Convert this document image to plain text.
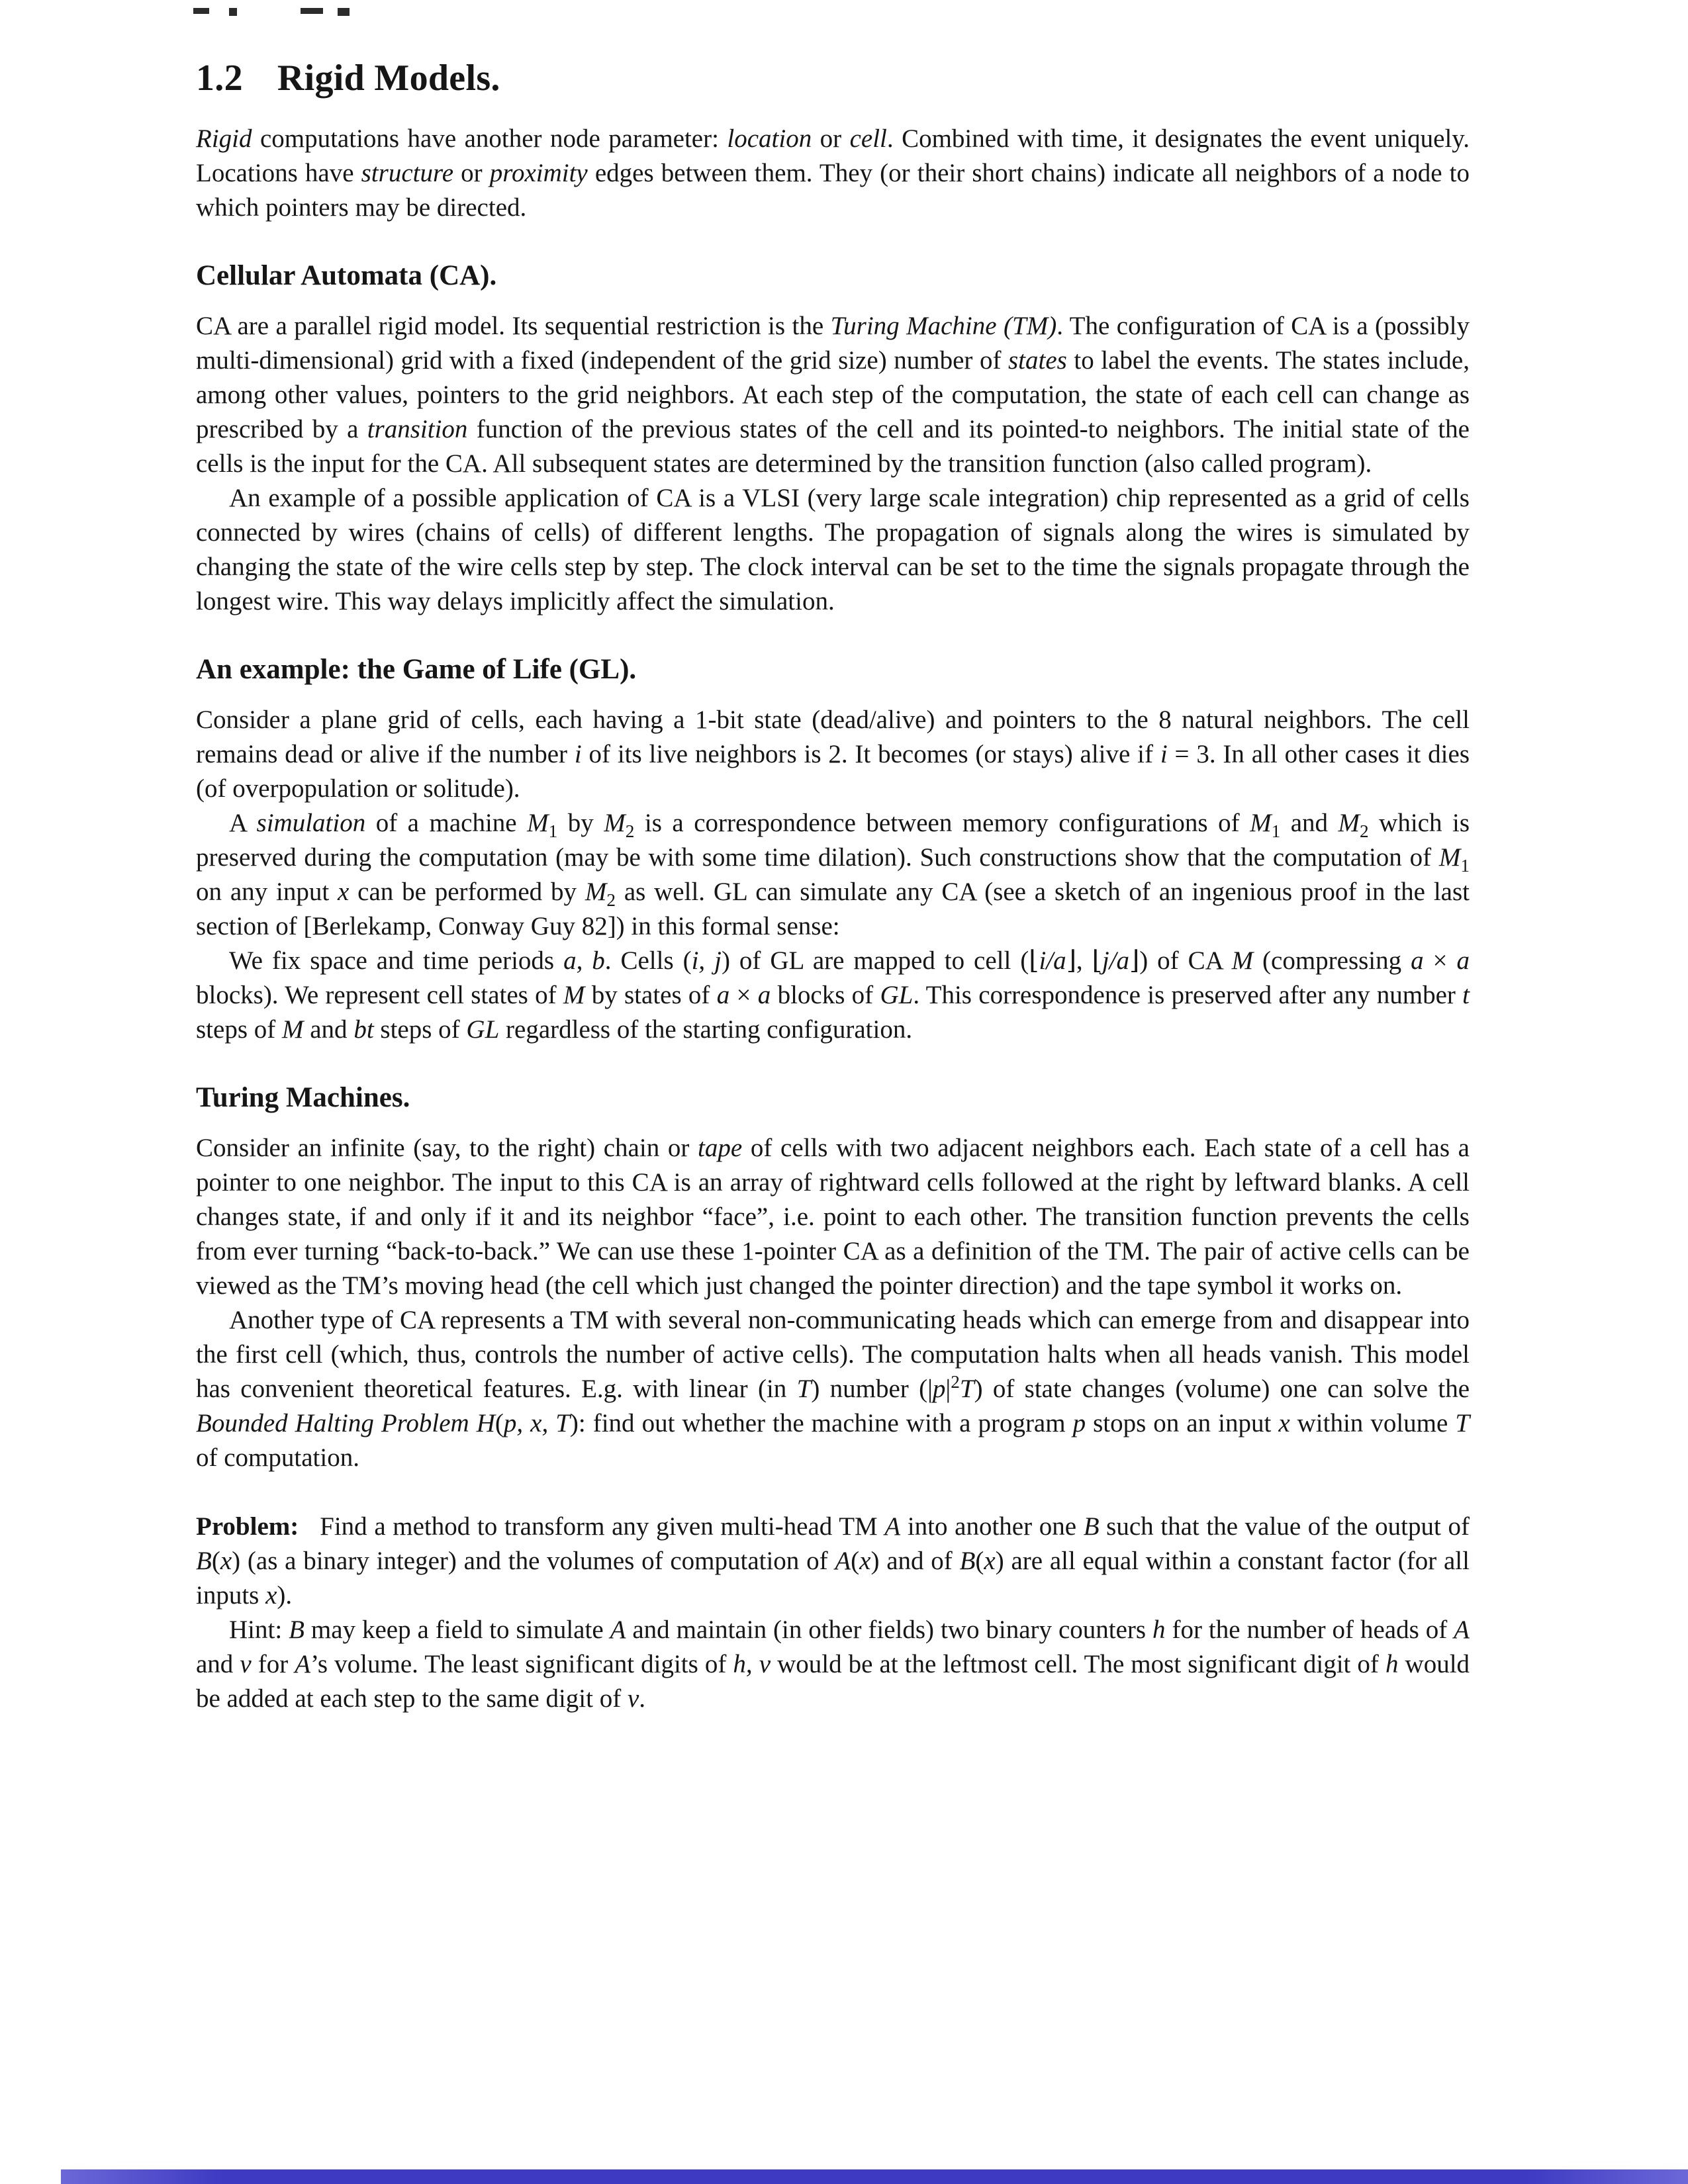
1.2 Rigid Models.

Rigid computations have another node parameter: location or cell. Combined with time, it designates the event uniquely. Locations have structure or proximity edges between them. They (or their short chains) indicate all neighbors of a node to which pointers may be directed.

Cellular Automata (CA).

CA are a parallel rigid model. Its sequential restriction is the Turing Machine (TM). The configuration of CA is a (possibly multi-dimensional) grid with a fixed (independent of the grid size) number of states to label the events. The states include, among other values, pointers to the grid neighbors. At each step of the computation, the state of each cell can change as prescribed by a transition function of the previous states of the cell and its pointed-to neighbors. The initial state of the cells is the input for the CA. All subsequent states are determined by the transition function (also called program).

An example of a possible application of CA is a VLSI (very large scale integration) chip represented as a grid of cells connected by wires (chains of cells) of different lengths. The propagation of signals along the wires is simulated by changing the state of the wire cells step by step. The clock interval can be set to the time the signals propagate through the longest wire. This way delays implicitly affect the simulation.

An example: the Game of Life (GL).

Consider a plane grid of cells, each having a 1-bit state (dead/alive) and pointers to the 8 natural neighbors. The cell remains dead or alive if the number i of its live neighbors is 2. It becomes (or stays) alive if i = 3. In all other cases it dies (of overpopulation or solitude).

A simulation of a machine $M_1$ by $M_2$ is a correspondence between memory configurations of $M_1$ and $M_2$ which is preserved during the computation (may be with some time dilation). Such constructions show that the computation of $M_1$ on any input x can be performed by $M_2$ as well. GL can simulate any CA (see a sketch of an ingenious proof in the last section of [Berlekamp, Conway Guy 82]) in this formal sense:

We fix space and time periods a, b. Cells (i, j) of GL are mapped to cell (⌊i/a⌋, ⌊j/a⌋) of CA M (compressing a × a blocks). We represent cell states of M by states of a × a blocks of GL. This correspondence is preserved after any number t steps of M and bt steps of GL regardless of the starting configuration.

Turing Machines.

Consider an infinite (say, to the right) chain or tape of cells with two adjacent neighbors each. Each state of a cell has a pointer to one neighbor. The input to this CA is an array of rightward cells followed at the right by leftward blanks. A cell changes state, if and only if it and its neighbor “face”, i.e. point to each other. The transition function prevents the cells from ever turning “back-to-back.” We can use these 1-pointer CA as a definition of the TM. The pair of active cells can be viewed as the TM’s moving head (the cell which just changed the pointer direction) and the tape symbol it works on.

Another type of CA represents a TM with several non-communicating heads which can emerge from and disappear into the first cell (which, thus, controls the number of active cells). The computation halts when all heads vanish. This model has convenient theoretical features. E.g. with linear (in T) number $(|p|^2T)$ of state changes (volume) one can solve the Bounded Halting Problem H(p, x, T): find out whether the machine with a program p stops on an input x within volume T of computation.

Problem:   Find a method to transform any given multi-head TM A into another one B such that the value of the output of B(x) (as a binary integer) and the volumes of computation of A(x) and of B(x) are all equal within a constant factor (for all inputs x).

Hint: B may keep a field to simulate A and maintain (in other fields) two binary counters h for the number of heads of A and v for A’s volume. The least significant digits of h, v would be at the leftmost cell. The most significant digit of h would be added at each step to the same digit of v.
